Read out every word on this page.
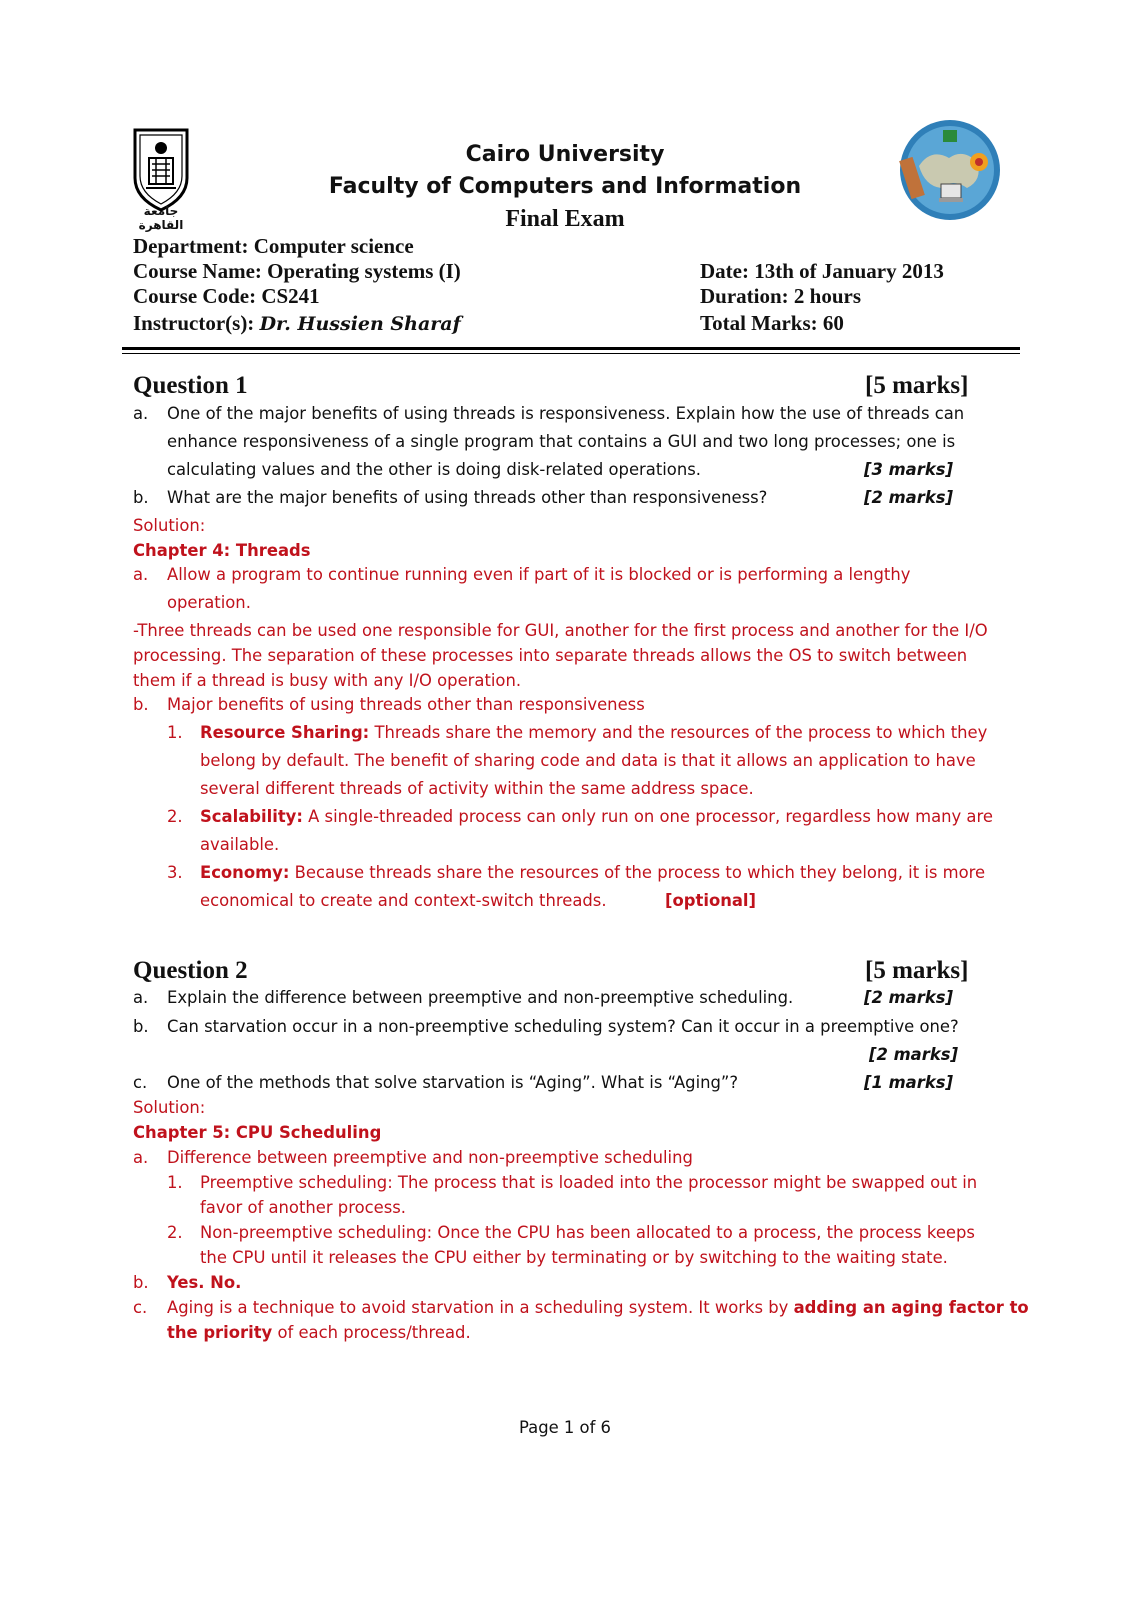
جامعة القاهرة
Cairo University
Faculty of Computers and Information
Final Exam
Department: Computer science
Course Name: Operating systems (I)
Course Code: CS241
Instructor(s): Dr. Hussien Sharaf
Date: 13th of January 2013
Duration: 2 hours
Total Marks: 60
Question 1	[5 marks]
a. One of the major benefits of using threads is responsiveness. Explain how the use of threads can
enhance responsiveness of a single program that contains a GUI and two long processes; one is
calculating values and the other is doing disk-related operations.	[3 marks]
b. What are the major benefits of using threads other than responsiveness?	[2 marks]
Solution:
Chapter 4: Threads
a. Allow a program to continue running even if part of it is blocked or is performing a lengthy
operation.
-Three threads can be used one responsible for GUI, another for the first process and another for the I/O
processing. The separation of these processes into separate threads allows the OS to switch between
them if a thread is busy with any I/O operation.
b. Major benefits of using threads other than responsiveness
1. Resource Sharing: Threads share the memory and the resources of the process to which they
belong by default. The benefit of sharing code and data is that it allows an application to have
several different threads of activity within the same address space.
2. Scalability: A single-threaded process can only run on one processor, regardless how many are
available.
3. Economy: Because threads share the resources of the process to which they belong, it is more
economical to create and context-switch threads.	[optional]
Question 2	[5 marks]
a. Explain the difference between preemptive and non-preemptive scheduling.	[2 marks]
b. Can starvation occur in a non-preemptive scheduling system? Can it occur in a preemptive one?
[2 marks]
c. One of the methods that solve starvation is “Aging”. What is “Aging”?	[1 marks]
Solution:
Chapter 5: CPU Scheduling
a. Difference between preemptive and non-preemptive scheduling
1. Preemptive scheduling: The process that is loaded into the processor might be swapped out in
favor of another process.
2. Non-preemptive scheduling: Once the CPU has been allocated to a process, the process keeps
the CPU until it releases the CPU either by terminating or by switching to the waiting state.
b. Yes. No.
c. Aging is a technique to avoid starvation in a scheduling system. It works by adding an aging factor to
the priority of each process/thread.
Page 1 of 6
